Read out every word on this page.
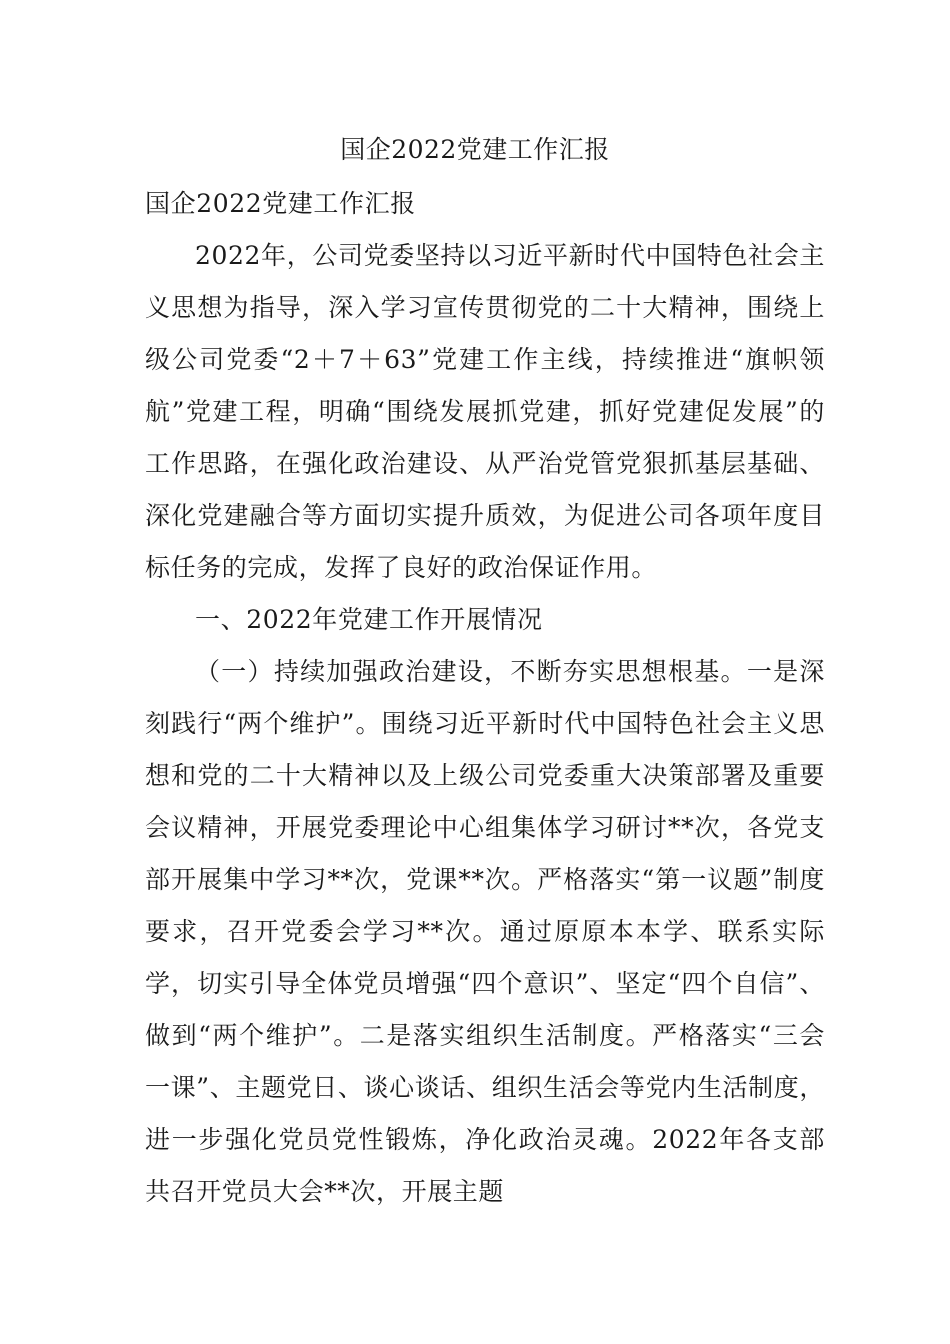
国企2022党建工作汇报

国企2022党建工作汇报

2022年，公司党委坚持以习近平新时代中国特色社会主义思想为指导，深入学习宣传贯彻党的二十大精神，围绕上级公司党委“2＋7＋63”党建工作主线，持续推进“旗帜领航”党建工程，明确“围绕发展抓党建，抓好党建促发展”的工作思路，在强化政治建设、从严治党管党狠抓基层基础、深化党建融合等方面切实提升质效，为促进公司各项年度目标任务的完成，发挥了良好的政治保证作用。

一、2022年党建工作开展情况

（一）持续加强政治建设，不断夯实思想根基。一是深刻践行“两个维护”。围绕习近平新时代中国特色社会主义思想和党的二十大精神以及上级公司党委重大决策部署及重要会议精神，开展党委理论中心组集体学习研讨**次，各党支部开展集中学习**次，党课**次。严格落实“第一议题”制度要求，召开党委会学习**次。通过原原本本学、联系实际学，切实引导全体党员增强“四个意识”、坚定“四个自信”、做到“两个维护”。二是落实组织生活制度。严格落实“三会一课”、主题党日、谈心谈话、组织生活会等党内生活制度，进一步强化党员党性锻炼，净化政治灵魂。2022年各支部共召开党员大会**次，开展主题
